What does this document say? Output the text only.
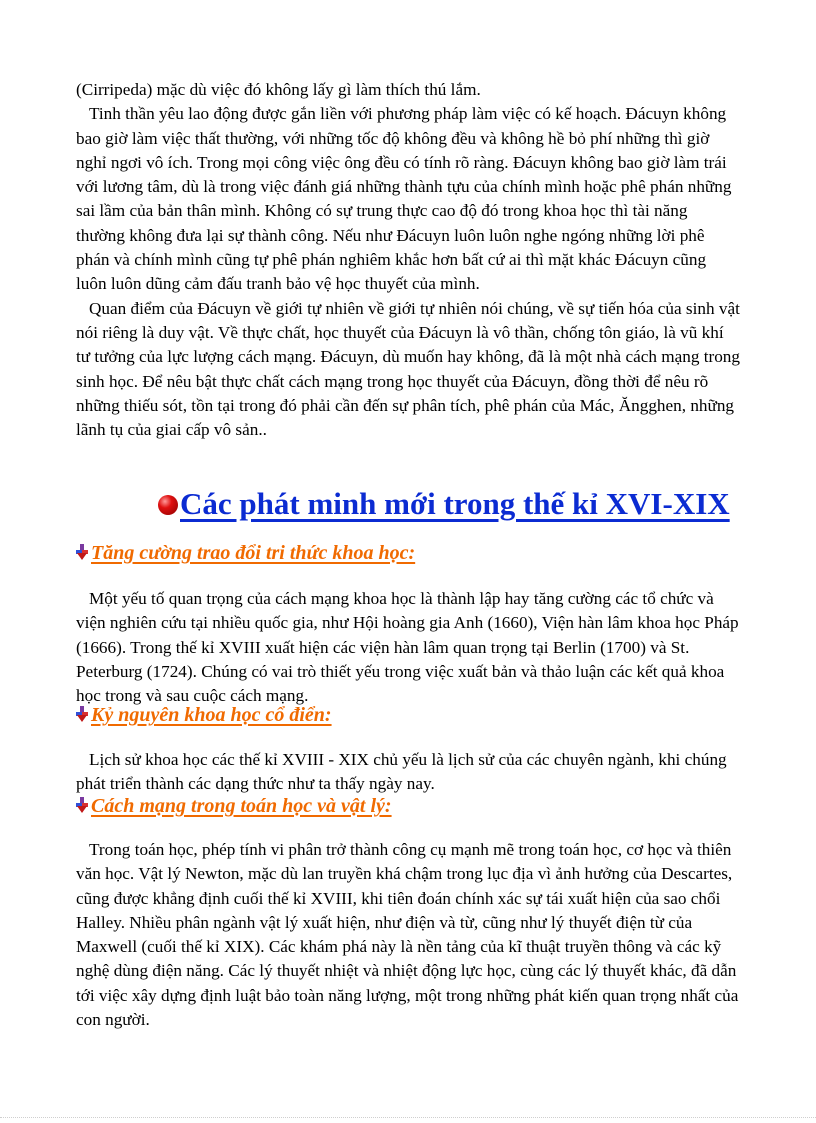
(Cirripeda) mặc dù việc đó không lấy gì làm thích thú lắm.

Tinh thần yêu lao động được gắn liền với phương pháp làm việc có kế hoạch. Đácuyn không bao giờ làm việc thất thường, với những tốc độ không đều và không hề bỏ phí những thì giờ nghỉ ngơi vô ích. Trong mọi công việc ông đều có tính rõ ràng. Đácuyn không bao giờ làm trái với lương tâm, dù là trong việc đánh giá những thành tựu của chính mình hoặc phê phán những sai lầm của bản thân mình. Không có sự trung thực cao độ đó trong khoa học thì tài năng thường không đưa lại sự thành công. Nếu như Đácuyn luôn luôn nghe ngóng những lời phê phán và chính mình cũng tự phê phán nghiêm khắc hơn bất cứ ai thì mặt khác Đácuyn cũng luôn luôn dũng cảm đấu tranh bảo vệ học thuyết của mình.

Quan điểm của Đácuyn về giới tự nhiên về giới tự nhiên nói chúng, về sự tiến hóa của sinh vật nói riêng là duy vật. Về thực chất, học thuyết của Đácuyn là vô thần, chống tôn giáo, là vũ khí tư tưởng của lực lượng cách mạng. Đácuyn, dù muốn hay không, đã là một nhà cách mạng trong sinh học. Để nêu bật thực chất cách mạng trong học thuyết của Đácuyn, đồng thời để nêu rõ những thiếu sót, tồn tại trong đó phải cần đến sự phân tích, phê phán của Mác, Ăngghen, những lãnh tụ của giai cấp vô sản..

Các phát minh mới trong thế kỉ XVI-XIX
Tăng cường trao đổi tri thức khoa học:

Một yếu tố quan trọng của cách mạng khoa học là thành lập hay tăng cường các tổ chức và viện nghiên cứu tại nhiều quốc gia, như Hội hoàng gia Anh (1660), Viện hàn lâm khoa học Pháp (1666). Trong thế kỉ XVIII xuất hiện các viện hàn lâm quan trọng tại Berlin (1700) và St. Peterburg (1724). Chúng có vai trò thiết yếu trong việc xuất bản và thảo luận các kết quả khoa học trong và sau cuộc cách mạng.

Kỷ nguyên khoa học cổ điển:

Lịch sử khoa học các thế kỉ XVIII - XIX chủ yếu là lịch sử của các chuyên ngành, khi chúng phát triển thành các dạng thức như ta thấy ngày nay.

Cách mạng trong toán học và vật lý:

Trong toán học, phép tính vi phân trở thành công cụ mạnh mẽ trong toán học, cơ học và thiên văn học. Vật lý Newton, mặc dù lan truyền khá chậm trong lục địa vì ảnh hưởng của Descartes, cũng được khẳng định cuối thế kỉ XVIII, khi tiên đoán chính xác sự tái xuất hiện của sao chổi Halley. Nhiều phân ngành vật lý xuất hiện, như điện và từ, cũng như lý thuyết điện từ của Maxwell (cuối thế kỉ XIX). Các khám phá này là nền tảng của kĩ thuật truyền thông và các kỹ nghệ dùng điện năng. Các lý thuyết nhiệt và nhiệt động lực học, cùng các lý thuyết khác, đã dẫn tới việc xây dựng định luật bảo toàn năng lượng, một trong những phát kiến quan trọng nhất của con người.
